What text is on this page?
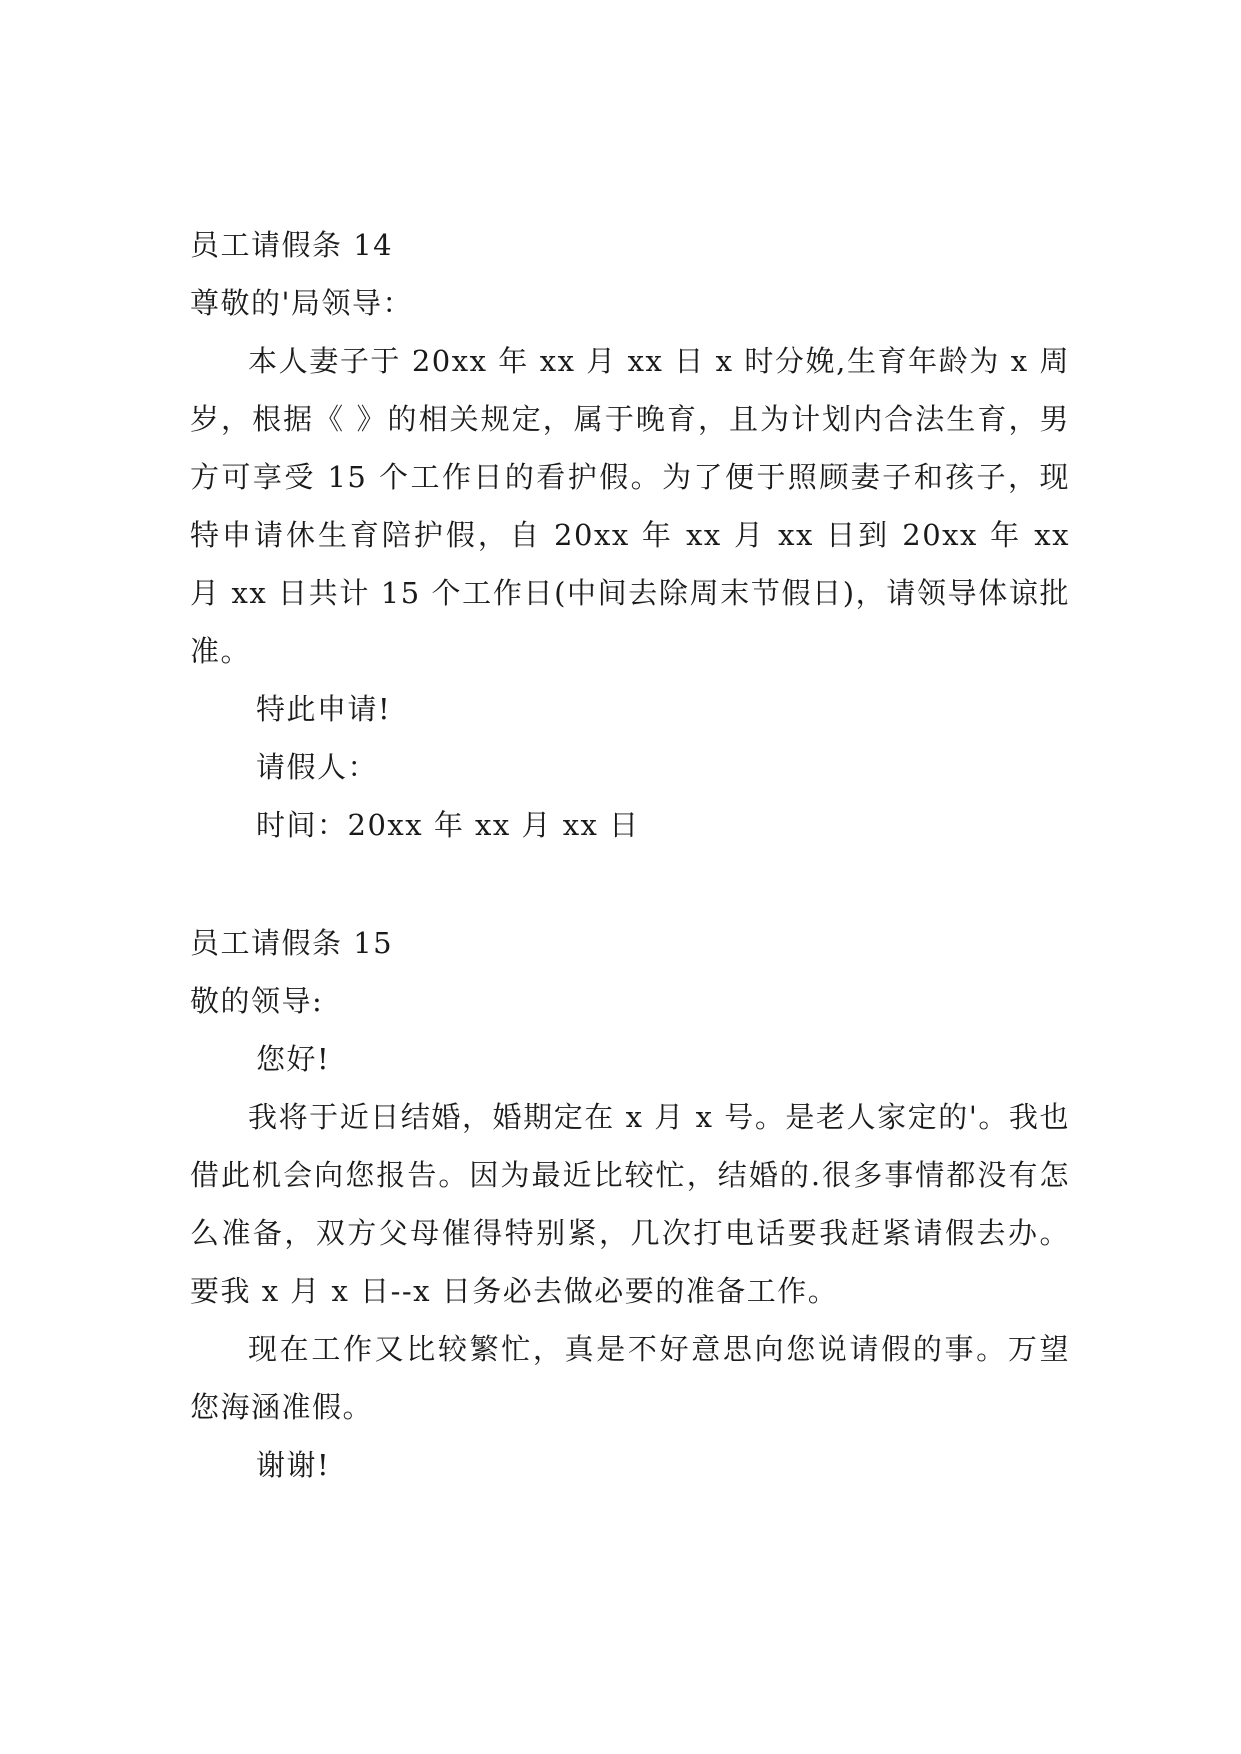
员工请假条 14
尊敬的'局领导：

本人妻子于 20xx 年 xx 月 xx 日 x 时分娩,生育年龄为 x 周岁，根据《 》的相关规定，属于晚育，且为计划内合法生育，男方可享受 15 个工作日的看护假。为了便于照顾妻子和孩子，现特申请休生育陪护假，自 20xx 年 xx 月 xx 日到 20xx 年 xx 月 xx 日共计 15 个工作日(中间去除周末节假日)，请领导体谅批准。

特此申请!
请假人：
时间：20xx 年 xx 月 xx 日
员工请假条 15
敬的领导:
您好!

我将于近日结婚，婚期定在 x 月 x 号。是老人家定的'。我也借此机会向您报告。因为最近比较忙，结婚的.很多事情都没有怎么准备，双方父母催得特别紧，几次打电话要我赶紧请假去办。要我 x 月 x 日--x 日务必去做必要的准备工作。

现在工作又比较繁忙，真是不好意思向您说请假的事。万望您海涵准假。

谢谢!
